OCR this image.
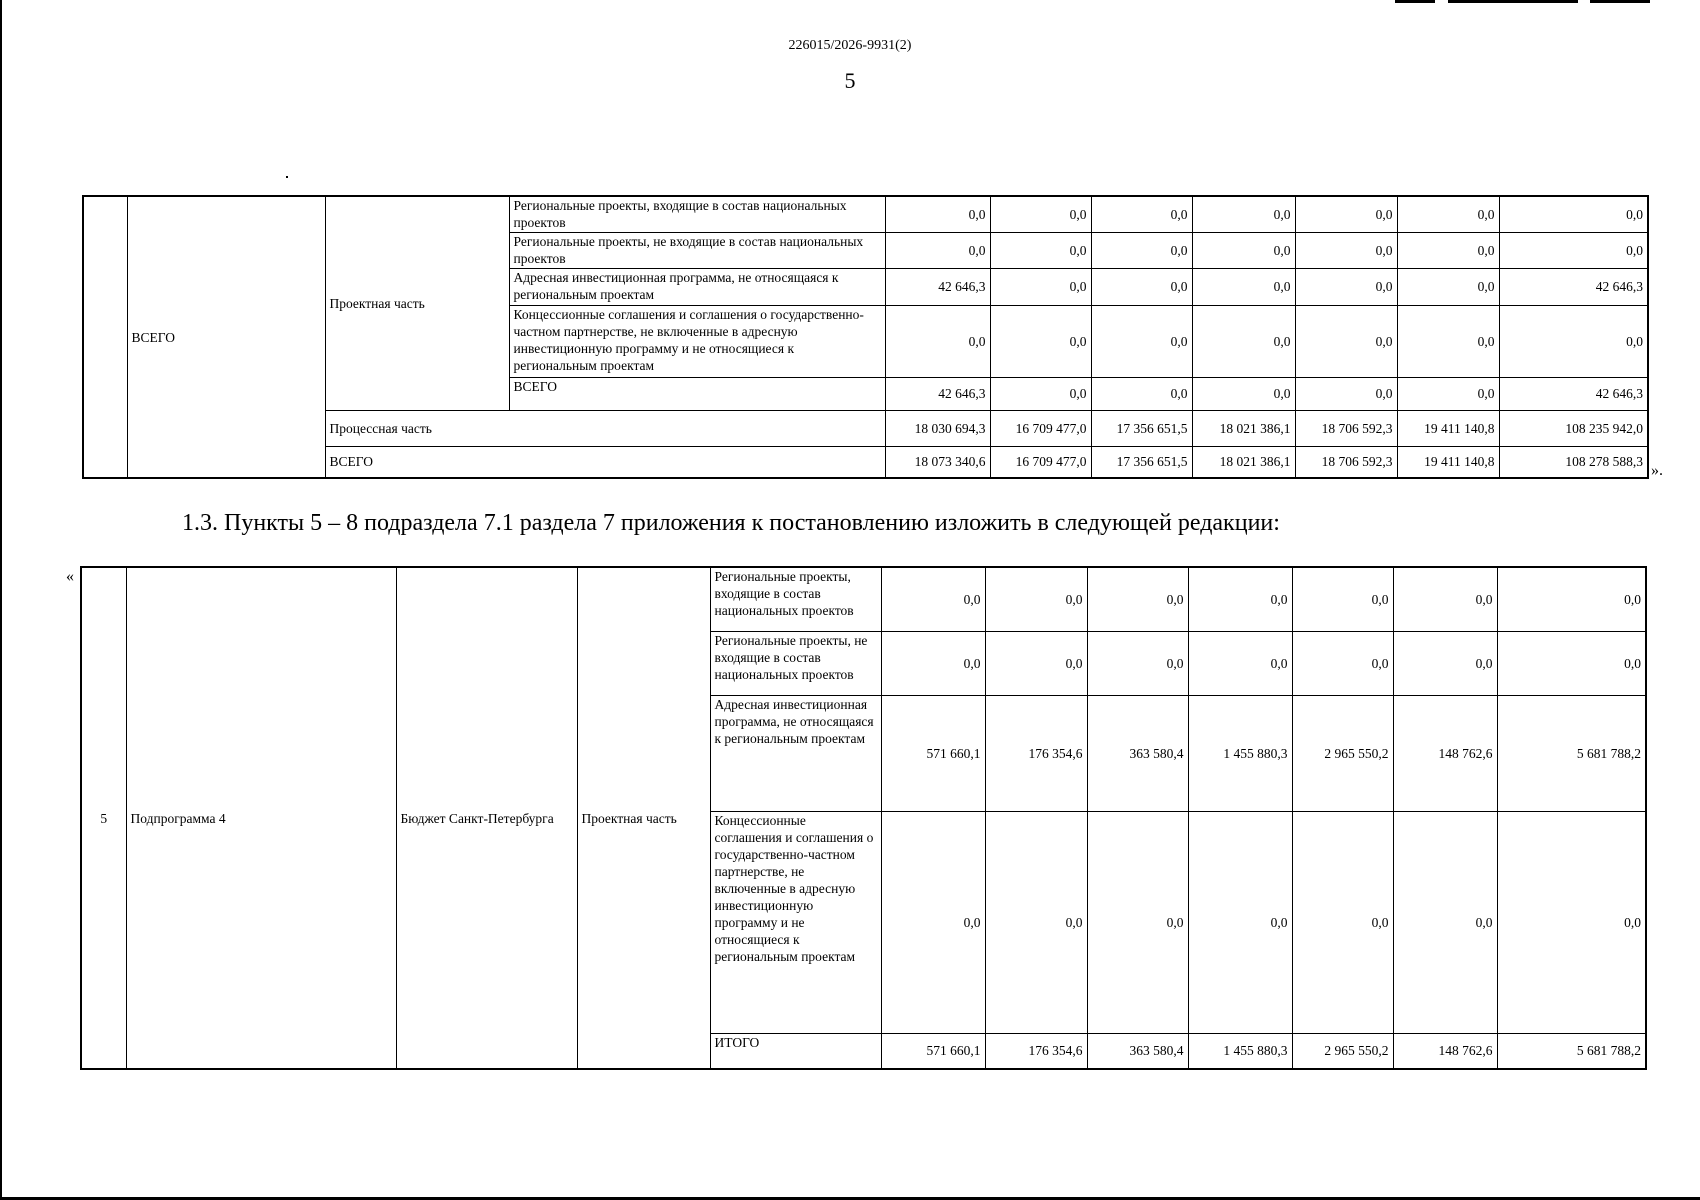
226015/2026-9931(2)
5
	ВСЕГО	Проектная часть	Региональные проекты, входящие в состав национальных проектов	0,0	0,0	0,0	0,0	0,0	0,0	0,0
			Региональные проекты, не входящие в состав национальных проектов	0,0	0,0	0,0	0,0	0,0	0,0	0,0
			Адресная инвестиционная программа, не относящаяся к региональным проектам	42 646,3	0,0	0,0	0,0	0,0	0,0	42 646,3
			Концессионные соглашения и соглашения о государственно-частном партнерстве, не включенные в адресную инвестиционную программу и не относящиеся к региональным проектам	0,0	0,0	0,0	0,0	0,0	0,0	0,0
			ВСЕГО	42 646,3	0,0	0,0	0,0	0,0	0,0	42 646,3
		Процессная часть		18 030 694,3	16 709 477,0	17 356 651,5	18 021 386,1	18 706 592,3	19 411 140,8	108 235 942,0
		ВСЕГО		18 073 340,6	16 709 477,0	17 356 651,5	18 021 386,1	18 706 592,3	19 411 140,8	108 278 588,3
».
1.3. Пункты 5 – 8 подраздела 7.1 раздела 7 приложения к постановлению изложить в следующей редакции:
«
5	Подпрограмма 4	Бюджет Санкт-Петербурга	Проектная часть	Региональные проекты, входящие в состав национальных проектов	0,0	0,0	0,0	0,0	0,0	0,0	0,0
				Региональные проекты, не входящие в состав национальных проектов	0,0	0,0	0,0	0,0	0,0	0,0	0,0
				Адресная инвестиционная программа, не относящаяся к региональным проектам	571 660,1	176 354,6	363 580,4	1 455 880,3	2 965 550,2	148 762,6	5 681 788,2
				Концессионные соглашения и соглашения о государственно-частном партнерстве, не включенные в адресную инвестиционную программу и не относящиеся к региональным проектам	0,0	0,0	0,0	0,0	0,0	0,0	0,0
				ИТОГО	571 660,1	176 354,6	363 580,4	1 455 880,3	2 965 550,2	148 762,6	5 681 788,2
